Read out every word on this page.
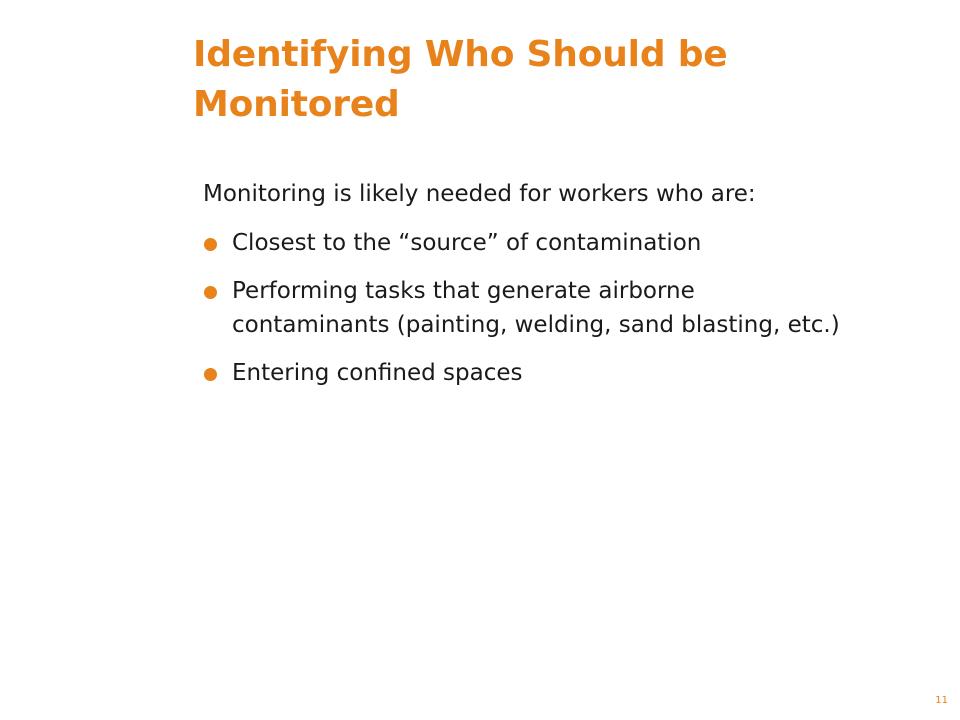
Identifying Who Should be Monitored

Monitoring is likely needed for workers who are:

Closest to the “source” of contamination
Performing tasks that generate airborne contaminants (painting, welding, sand blasting, etc.)
Entering confined spaces
11
